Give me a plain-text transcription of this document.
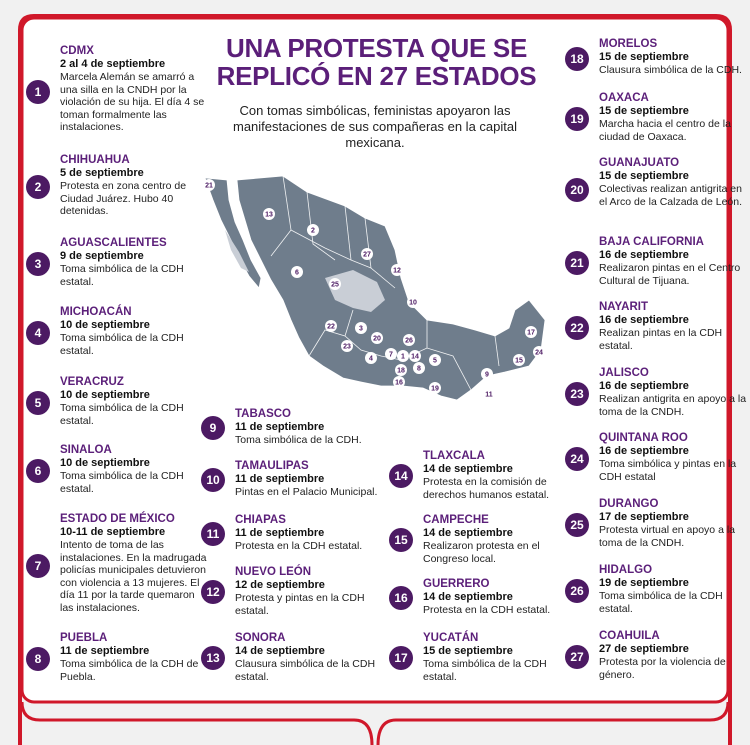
UNA PROTESTA QUE SE REPLICÓ EN 27 ESTADOS
Con tomas simbólicas, feministas apoyaron las manifestaciones de sus compañeras en la capital mexicana.
21
13
2
27
25
12
6
10
22	3
23
20	26
4
7 1 14
8
18
5
16
19
9
11
15
17
24
1
CDMX
2 al 4 de septiembre
Marcela Alemán se amarró a una silla en la CNDH por la violación de su hija. El día 4 se toman formalmente las instalaciones.
2
CHIHUAHUA
5 de septiembre
Protesta en zona centro de Ciudad Juárez. Hubo 40 detenidas.
3
AGUASCALIENTES
9 de septiembre
Toma simbólica de la CDH estatal.
4
MICHOACÁN
10 de septiembre
Toma simbólica de la CDH estatal.
5
VERACRUZ
10 de septiembre
Toma simbólica de la CDH estatal.
6
SINALOA
10 de septiembre
Toma simbólica de la CDH estatal.
7
ESTADO DE MÉXICO
10-11 de septiembre
Intento de toma de las instalaciones. En la madrugada policías municipales detuvieron con violencia a 13 mujeres. El día 11 por la tarde quemaron las instalaciones.
8
PUEBLA
11 de septiembre
Toma simbólica de la CDH de Puebla.
9
TABASCO
11 de septiembre
Toma simbólica de la CDH.
10
TAMAULIPAS
11 de septiembre
Pintas en el Palacio Municipal.
11
CHIAPAS
11 de septiembre
Protesta en la CDH estatal.
12
NUEVO LEÓN
12 de septiembre
Protesta y pintas en la CDH estatal.
13
SONORA
14 de septiembre
Clausura simbólica de la CDH estatal.
14
TLAXCALA
14 de septiembre
Protesta en la comisión de derechos humanos estatal.
15
CAMPECHE
14 de septiembre
Realizaron protesta en el Congreso local.
16
GUERRERO
14 de septiembre
Protesta en la CDH estatal.
17
YUCATÁN
15 de septiembre
Toma simbólica de la CDH estatal.
18
MORELOS
15 de septiembre
Clausura simbólica de la CDH.
19
OAXACA
15 de septiembre
Marcha hacia el centro de la ciudad de Oaxaca.
20
GUANAJUATO
15 de septiembre
Colectivas realizan antigrita en el Arco de la Calzada de León.
21
BAJA CALIFORNIA
16 de septiembre
Realizaron pintas en el Centro Cultural de Tijuana.
22
NAYARIT
16 de septiembre
Realizan pintas en la CDH estatal.
23
JALISCO
16 de septiembre
Realizan antigrita en apoyo a la toma de la CNDH.
24
QUINTANA ROO
16 de septiembre
Toma simbólica y pintas en la CDH estatal
25
DURANGO
17 de septiembre
Protesta virtual en apoyo a la toma de la CNDH.
26
HIDALGO
19 de septiembre
Toma simbólica de la CDH estatal.
27
COAHUILA
27 de septiembre
Protesta por la violencia de género.
